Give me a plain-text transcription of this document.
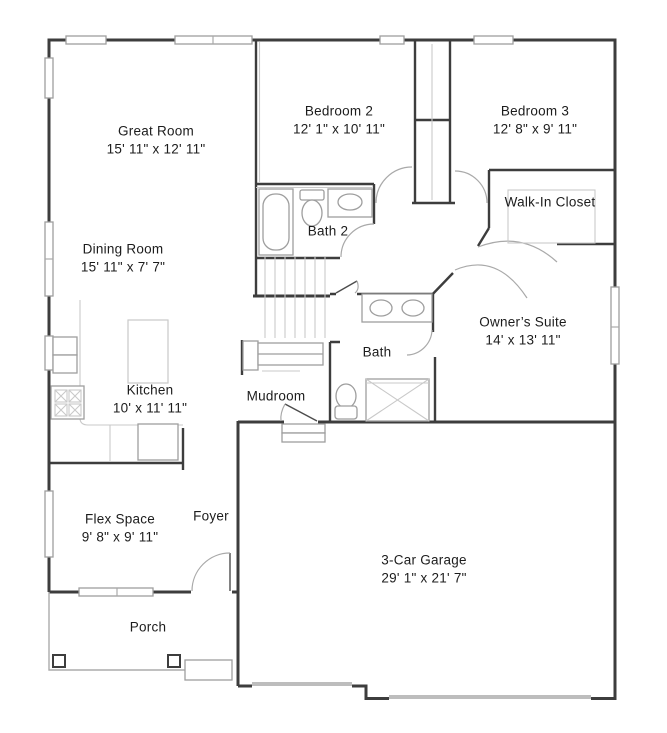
Great Room
15' 11" x 12' 11"
Bedroom 2
12' 1" x 10' 11"
Bedroom 3
12' 8" x 9' 11"
Walk-In Closet
Dining Room
15' 11" x 7' 7"
Bath 2
Owner’s Suite
14' x 13' 11"
Kitchen
10' x 11' 11"
Bath
Mudroom
Flex Space
9' 8" x 9' 11"
Foyer
Porch
3-Car Garage
29' 1" x 21' 7"
